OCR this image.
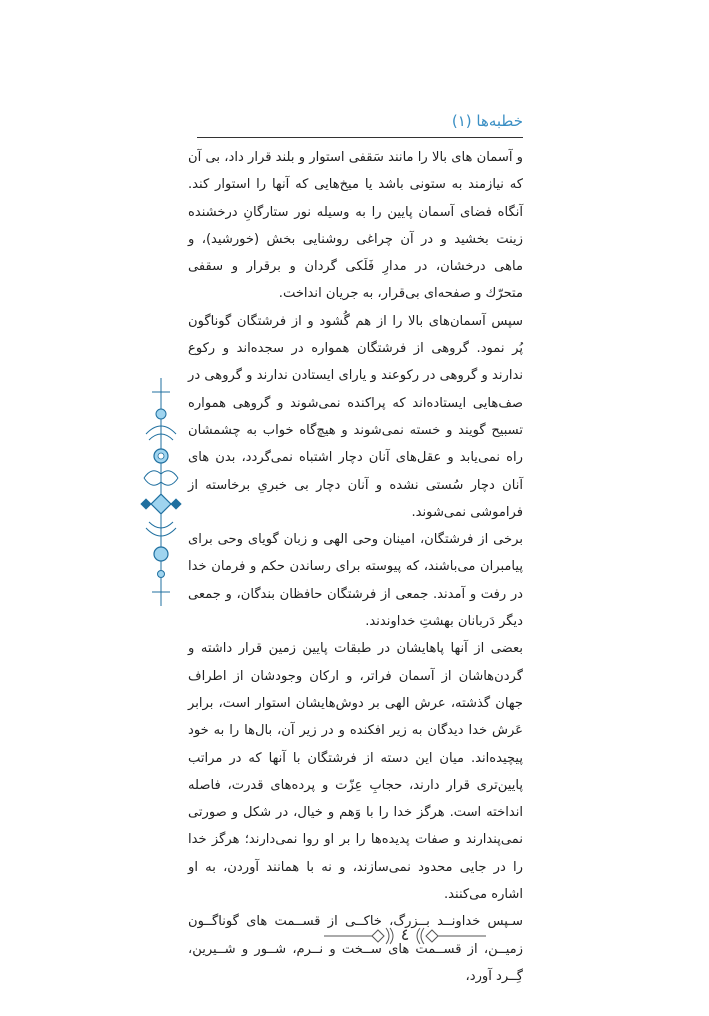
خطبه‌ها (۱)

و آسمان های بالا را مانند سَقفی استوار و بلند قرار داد، بی آن که نیازمند به ستونی باشد یا میخ‌هایی که آنها را استوار کند. آنگاه فضای آسمان پایین را به وسیله نور ستارگانِ درخشنده زینت بخشید و در آن چراغی روشنایی بخش (خورشید)، و ماهی درخشان، در مدارِ فَلَکی گردان و برقرار و سقفی متحرّك و صفحه‌ای بی‌قرار، به جریان انداخت.

سپس آسمان‌های بالا را از هم گُشود و از فرشتگان گوناگون پُر نمود. گروهی از فرشتگان همواره در سجده‌اند و رکوع ندارند و گروهی در رکوعند و یارای ایستادن ندارند و گروهی در صف‌هایی ایستاده‌اند که پراکنده نمی‌شوند و گروهی همواره تسبیح گویند و خسته نمی‌شوند و هیچ‌گاه خواب به چشمشان راه نمی‌یابد و عقل‌های آنان دچار اشتباه نمی‌گردد، بدن های آنان دچار سُستی نشده و آنان دچار بی خبریِ برخاسته از فراموشی نمی‌شوند.

برخی از فرشتگان، امینان وحی الهی و زبان گویای وحی برای پیامبران می‌باشند، که پیوسته برای رساندن حکم و فرمان خدا در رفت و آمدند. جمعی از فرشتگان حافظان بندگان، و جمعی دیگر دَربانان بهشتِ خداوندند.

بعضی از آنها پاهایشان در طبقات پایین زمین قرار داشته و گردن‌هاشان از آسمان فراتر، و ارکان وجودشان از اطراف جهان گذشته، عرش الهی بر دوش‌هایشان استوار است، برابر عَرش خدا دیدگان به زیر افکنده و در زیر آن، بال‌ها را به خود پیچیده‌اند. میان این دسته از فرشتگان با آنها که در مراتب پایین‌تری قرار دارند، حجابِ عِزّت و پرده‌های قدرت، فاصله انداخته است. هرگز خدا را با وَهم و خیال، در شکل و صورتی نمی‌پندارند و صفات پدیده‌ها را بر او روا نمی‌دارند؛ هرگز خدا را در جایی محدود نمی‌سازند، و نه با همانند آوردن، به او اشاره می‌کنند.

سـپس خداونــد بــزرگ، خاکــی از قســمت های گوناگــون زمیــن، از قســمت های ســخت و نــرم، شــور و شــیرین، گِــرد آورد،

٤
